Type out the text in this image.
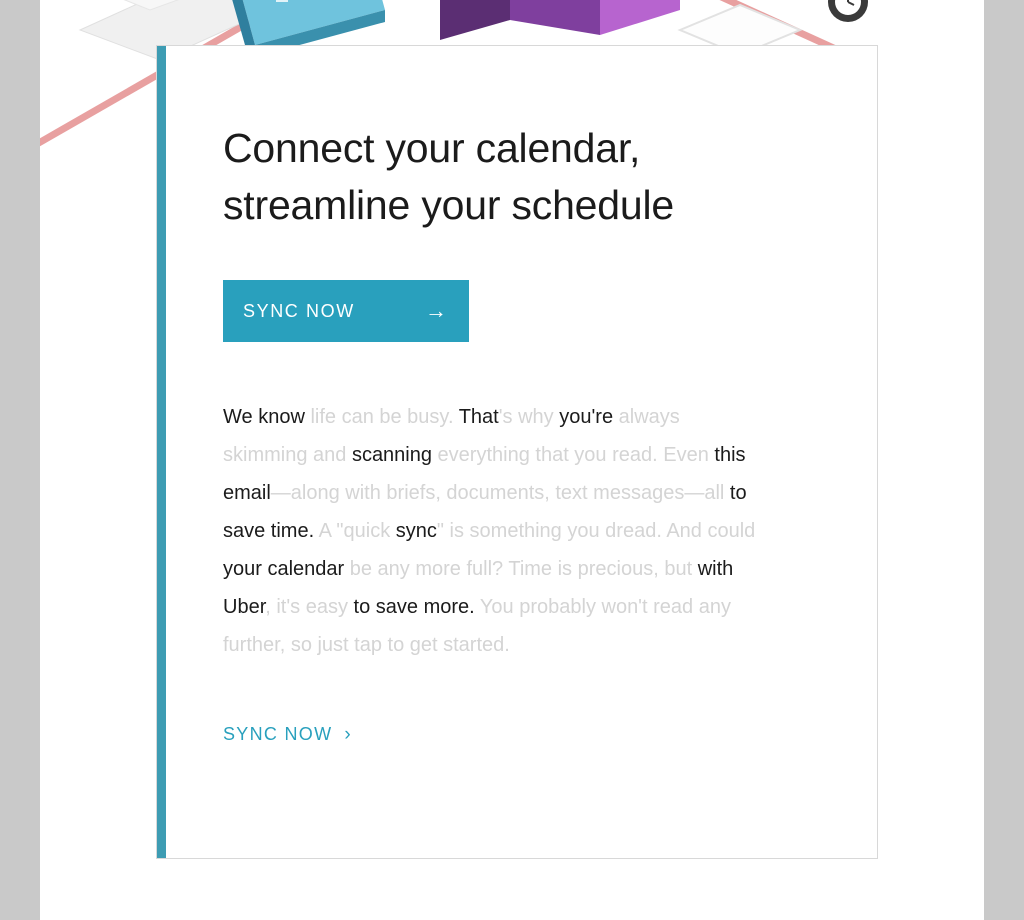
Connect your calendar,
streamline your schedule
SYNC NOW	→

We know life can be busy. That's why you're always skimming and scanning everything that you read. Even this email—along with briefs, documents, text messages—all to save time. A "quick sync" is something you dread. And could your calendar be any more full? Time is precious, but with Uber, it's easy to save more. You probably won't read any further, so just tap to get started.

SYNC NOW ›
